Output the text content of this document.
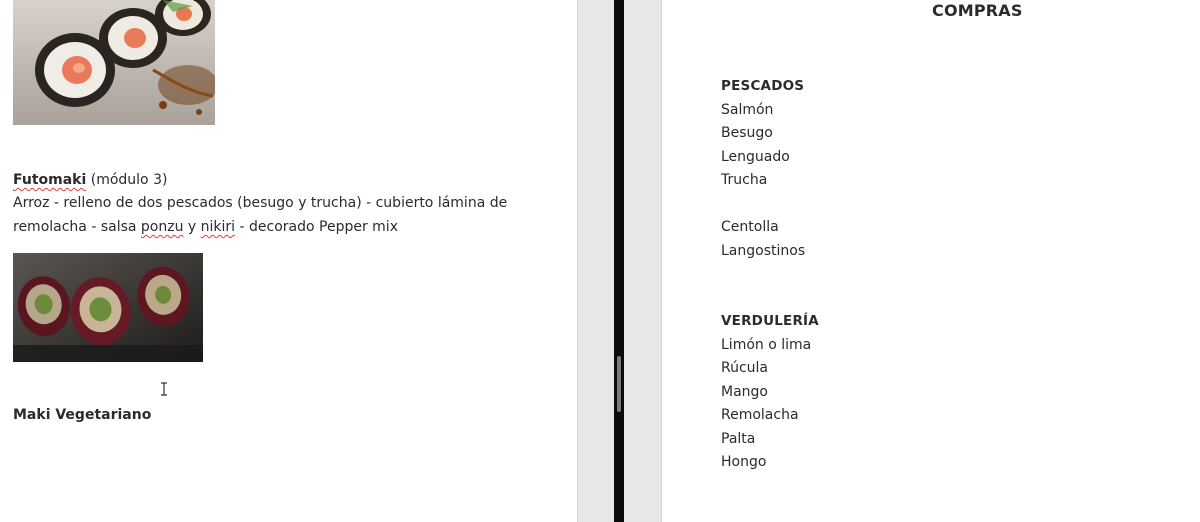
Futomaki (módulo 3)
Arroz - relleno de dos pescados (besugo y trucha) - cubierto lámina de
remolacha - salsa ponzu y nikiri - decorado Pepper mix
Maki Vegetariano
COMPRAS
PESCADOS
Salmón
Besugo
Lenguado
Trucha
Centolla
Langostinos
VERDULERÍA
Limón o lima
Rúcula
Mango
Remolacha
Palta
Hongo
